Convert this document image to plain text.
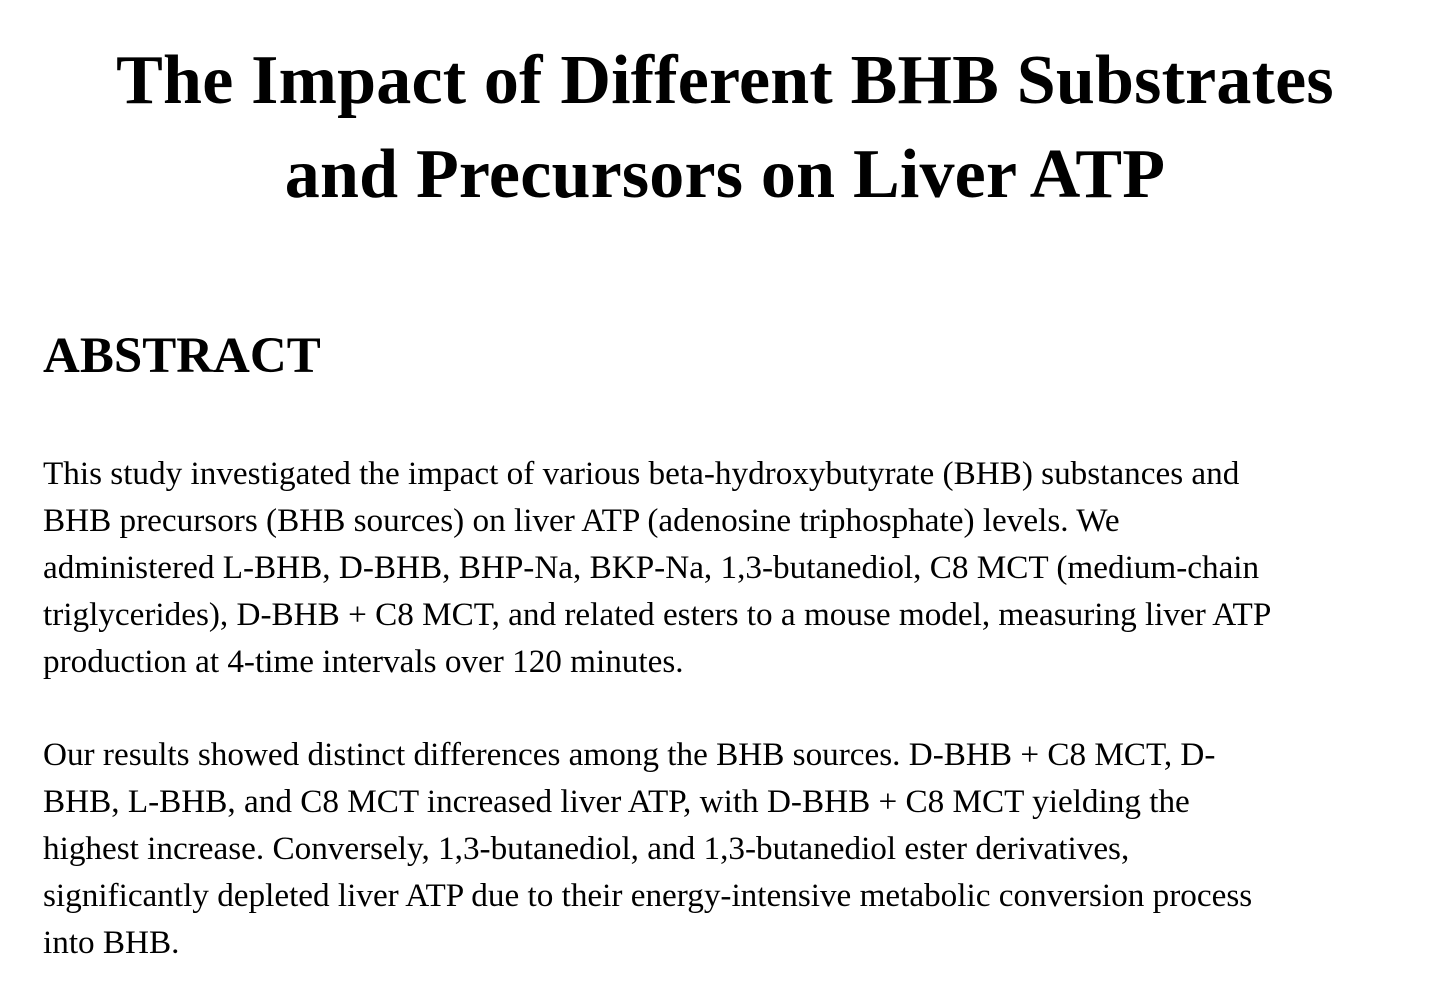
The Impact of Different BHB Substrates
and Precursors on Liver ATP
ABSTRACT

This study investigated the impact of various beta-hydroxybutyrate (BHB) substances and
BHB precursors (BHB sources) on liver ATP (adenosine triphosphate) levels. We
administered L-BHB, D-BHB, BHP-Na, BKP-Na, 1,3-butanediol, C8 MCT (medium-chain
triglycerides), D-BHB + C8 MCT, and related esters to a mouse model, measuring liver ATP
production at 4-time intervals over 120 minutes.

Our results showed distinct differences among the BHB sources. D-BHB + C8 MCT, D-
BHB, L-BHB, and C8 MCT increased liver ATP, with D-BHB + C8 MCT yielding the
highest increase. Conversely, 1,3-butanediol, and 1,3-butanediol ester derivatives,
significantly depleted liver ATP due to their energy-intensive metabolic conversion process
into BHB.
